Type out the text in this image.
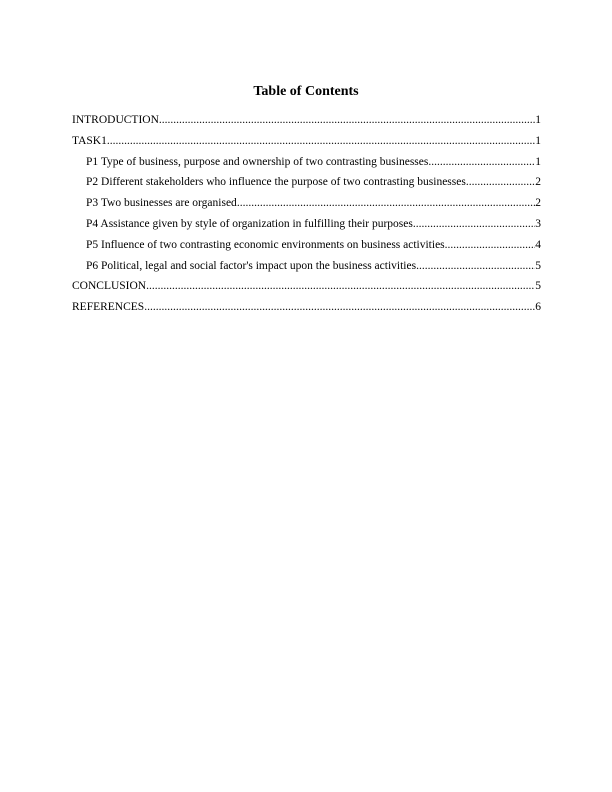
Table of Contents
INTRODUCTION .....	1
TASK1 .....	1
P1 Type of business, purpose and ownership of two contrasting businesses .....	1
P2 Different stakeholders who influence the purpose of two contrasting businesses .....	2
P3 Two businesses are organised .....	2
P4 Assistance given by style of organization in fulfilling their purposes .....	3
P5 Influence of two contrasting economic environments on business activities .....	4
P6 Political, legal and social factor's impact upon the business activities .....	5
CONCLUSION .....	5
REFERENCES .....	6
